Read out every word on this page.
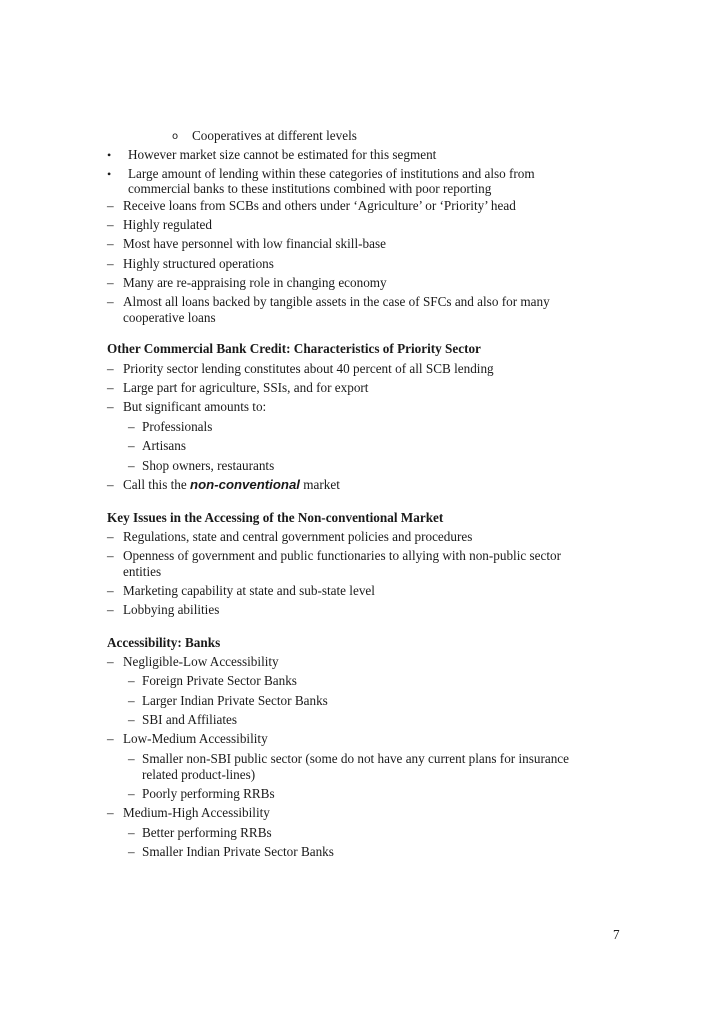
o Cooperatives at different levels
• However market size cannot be estimated for this segment
• Large amount of lending within these categories of institutions and also from
commercial banks to these institutions combined with poor reporting
– Receive loans from SCBs and others under ‘Agriculture’ or ‘Priority’ head
– Highly regulated
– Most have personnel with low financial skill-base
– Highly structured operations
– Many are re-appraising role in changing economy
– Almost all loans backed by tangible assets in the case of SFCs and also for many
cooperative loans
Other Commercial Bank Credit: Characteristics of Priority Sector
– Priority sector lending constitutes about 40 percent of all SCB lending
– Large part for agriculture, SSIs, and for export
– But significant amounts to:
– Professionals
– Artisans
– Shop owners, restaurants
– Call this the non-conventional market
Key Issues in the Accessing of the Non-conventional Market
– Regulations, state and central government policies and procedures
– Openness of government and public functionaries to allying with non-public sector
entities
– Marketing capability at state and sub-state level
– Lobbying abilities
Accessibility: Banks
– Negligible-Low Accessibility
– Foreign Private Sector Banks
– Larger Indian Private Sector Banks
– SBI and Affiliates
– Low-Medium Accessibility
– Smaller non-SBI public sector (some do not have any current plans for insurance
related product-lines)
– Poorly performing RRBs
– Medium-High Accessibility
– Better performing RRBs
– Smaller Indian Private Sector Banks
7
